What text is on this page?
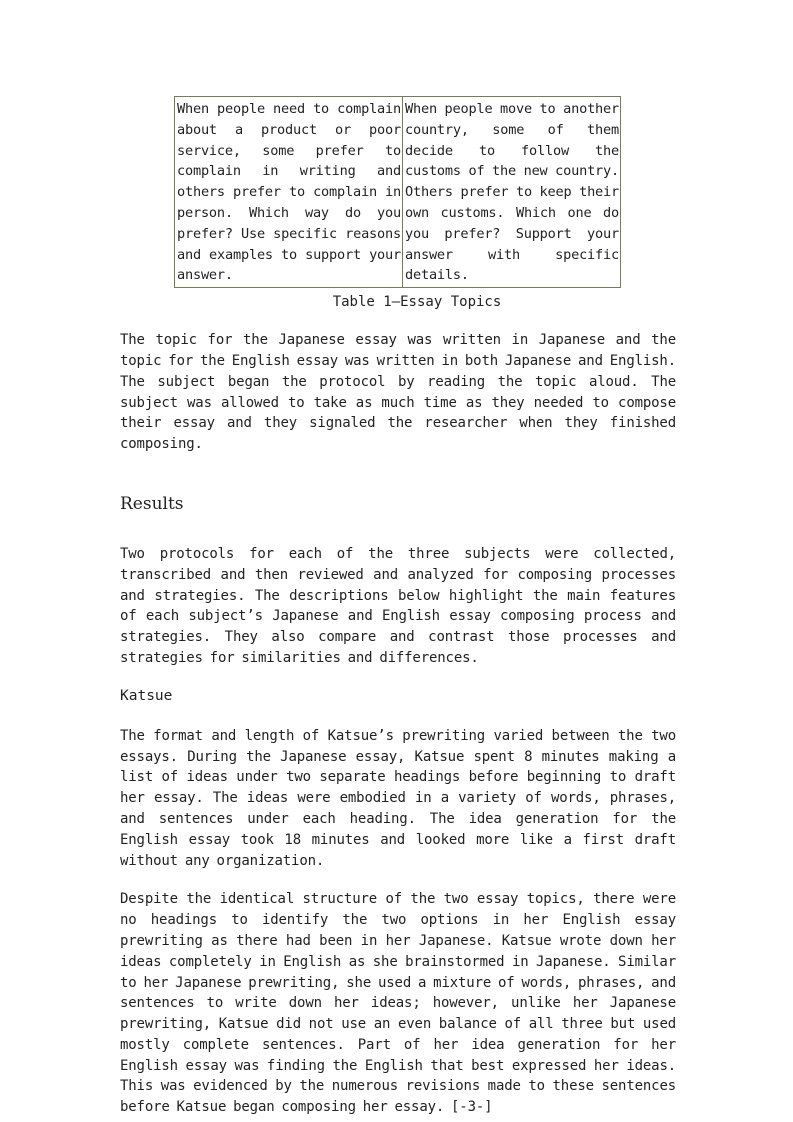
When people need to complain about a product or poor service, some prefer to complain in writing and others prefer to complain in person. Which way do you prefer? Use specific reasons and examples to support your answer.	When people move to another country, some of them decide to follow the customs of the new country. Others prefer to keep their own customs. Which one do you prefer? Support your answer with specific details.
Table 1—Essay Topics

The topic for the Japanese essay was written in Japanese and the topic for the English essay was written in both Japanese and English. The subject began the protocol by reading the topic aloud. The subject was allowed to take as much time as they needed to compose their essay and they signaled the researcher when they finished composing.

Results

Two protocols for each of the three subjects were collected, transcribed and then reviewed and analyzed for composing processes and strategies. The descriptions below highlight the main features of each subject’s Japanese and English essay composing process and strategies. They also compare and contrast those processes and strategies for similarities and differences.

Katsue

The format and length of Katsue’s prewriting varied between the two essays. During the Japanese essay, Katsue spent 8 minutes making a list of ideas under two separate headings before beginning to draft her essay. The ideas were embodied in a variety of words, phrases, and sentences under each heading. The idea generation for the English essay took 18 minutes and looked more like a first draft without any organization.

Despite the identical structure of the two essay topics, there were no headings to identify the two options in her English essay prewriting as there had been in her Japanese. Katsue wrote down her ideas completely in English as she brainstormed in Japanese. Similar to her Japanese prewriting, she used a mixture of words, phrases, and sentences to write down her ideas; however, unlike her Japanese prewriting, Katsue did not use an even balance of all three but used mostly complete sentences. Part of her idea generation for her English essay was finding the English that best expressed her ideas. This was evidenced by the numerous revisions made to these sentences before Katsue began composing her essay. [-3-]
